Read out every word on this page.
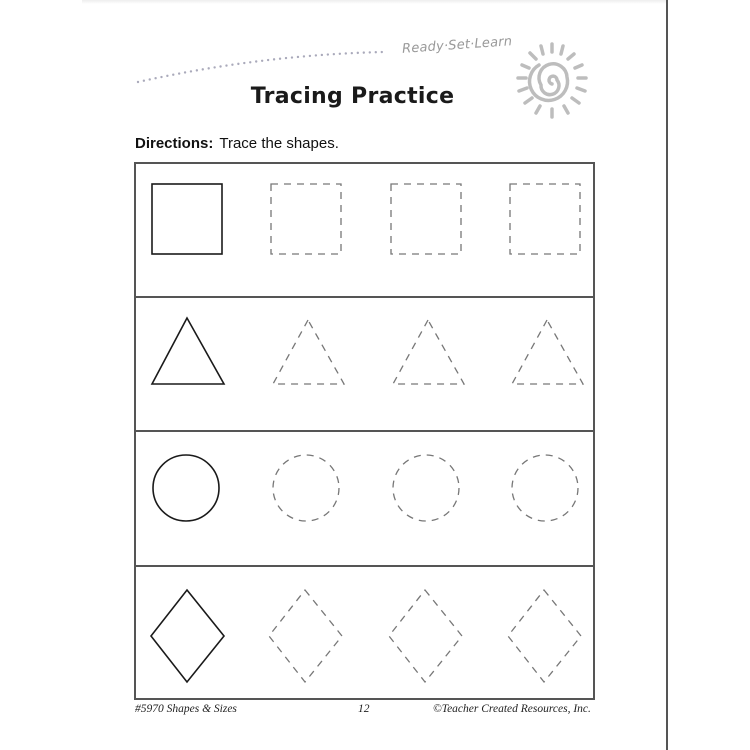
Ready·Set·Learn
Tracing Practice
Directions: Trace the shapes.
#5970 Shapes & Sizes	12	©Teacher Created Resources, Inc.
